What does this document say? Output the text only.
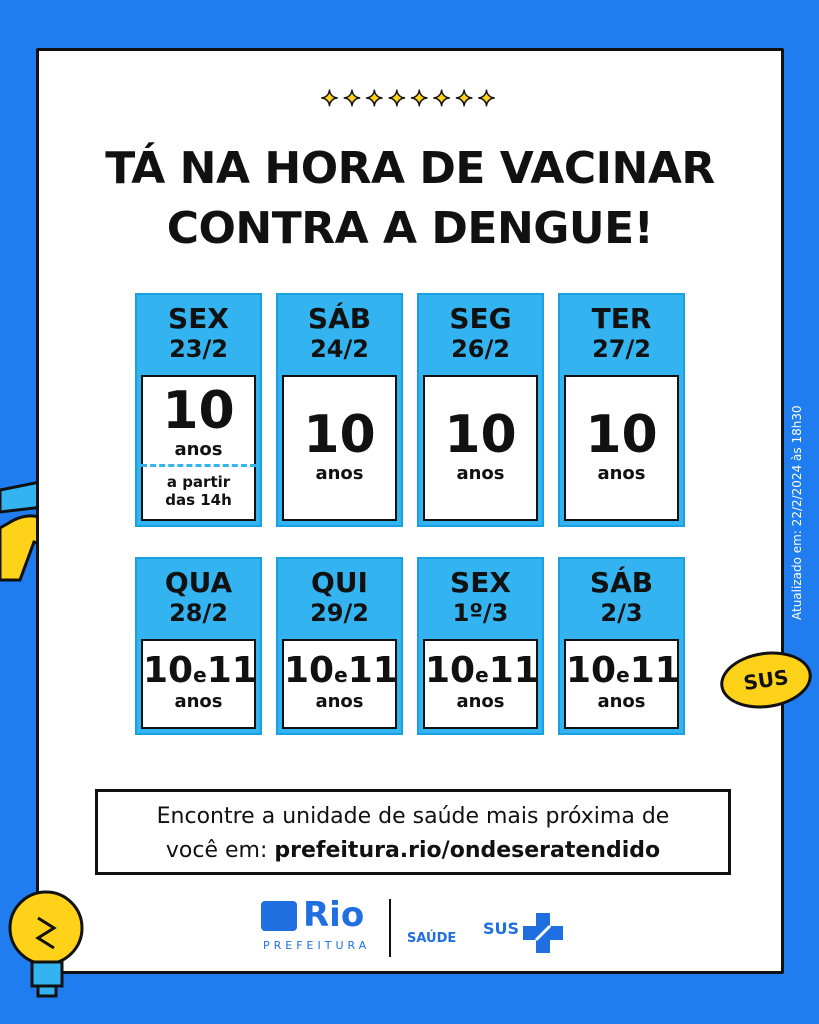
✦✦✦✦✦✦✦✦
TÁ NA HORA DE VACINAR
CONTRA A DENGUE!
SEX
23/2
10
anos
a partir
das 14h
SÁB
24/2
10
anos
SEG
26/2
10
anos
TER
27/2
10
anos
QUA
28/2
10e11
anos
QUI
29/2
10e11
anos
SEX
1º/3
10e11
anos
SÁB
2/3
10e11
anos
Encontre a unidade de saúde mais próxima de
você em: prefeitura.rio/ondeseratendido
Rio
PREFEITURA	SAÚDE
SUS
Atualizado em: 22/2/2024 às 18h30
SUS
